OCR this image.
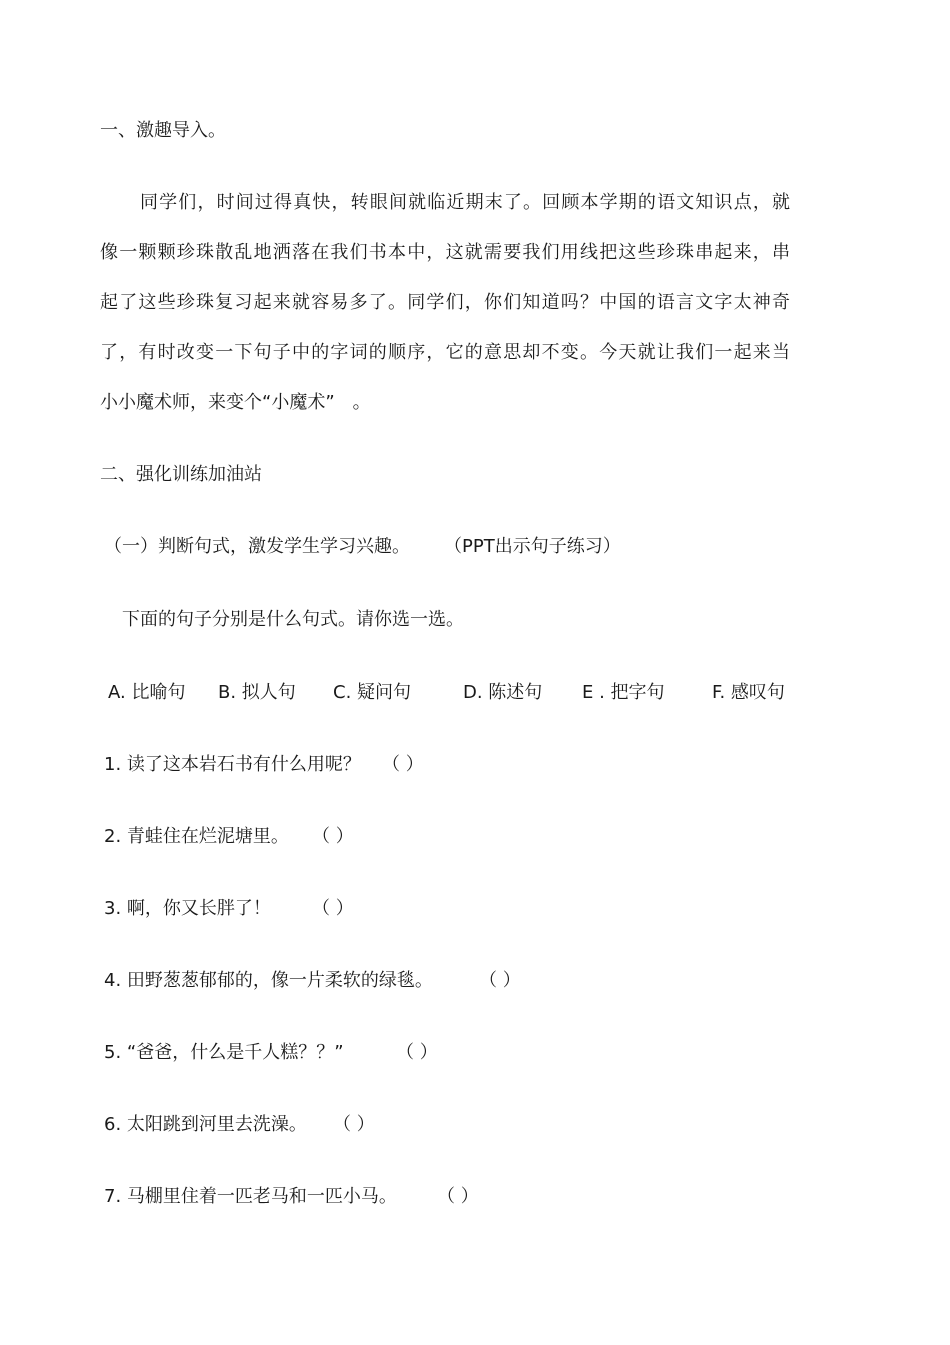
一、激趣导入。
同学们，时间过得真快，转眼间就临近期末了。回顾本学期的语文知识点，就
像一颗颗珍珠散乱地洒落在我们书本中，这就需要我们用线把这些珍珠串起来，串
起了这些珍珠复习起来就容易多了。同学们，你们知道吗？中国的语言文字太神奇
了，有时改变一下句子中的字词的顺序，它的意思却不变。今天就让我们一起来当
小小魔术师，来变个“小魔术”　。
二、强化训练加油站
（一）判断句式，激发学生学习兴趣。 （PPT出示句子练习）
下面的句子分别是什么句式。请你选一选。
A. 比喻句 B. 拟人句 C. 疑问句	D. 陈述句 E . 把字句	F. 感叹句
1. 读了这本岩石书有什么用呢？ （ ）
2. 青蛙住在烂泥塘里。 （ ）
3. 啊，你又长胖了！ （ ）
4. 田野葱葱郁郁的，像一片柔软的绿毯。	（ ）
5. “爸爸，什么是千人糕？？”	（ ）
6. 太阳跳到河里去洗澡。 （ ）
7. 马棚里住着一匹老马和一匹小马。 （ ）
